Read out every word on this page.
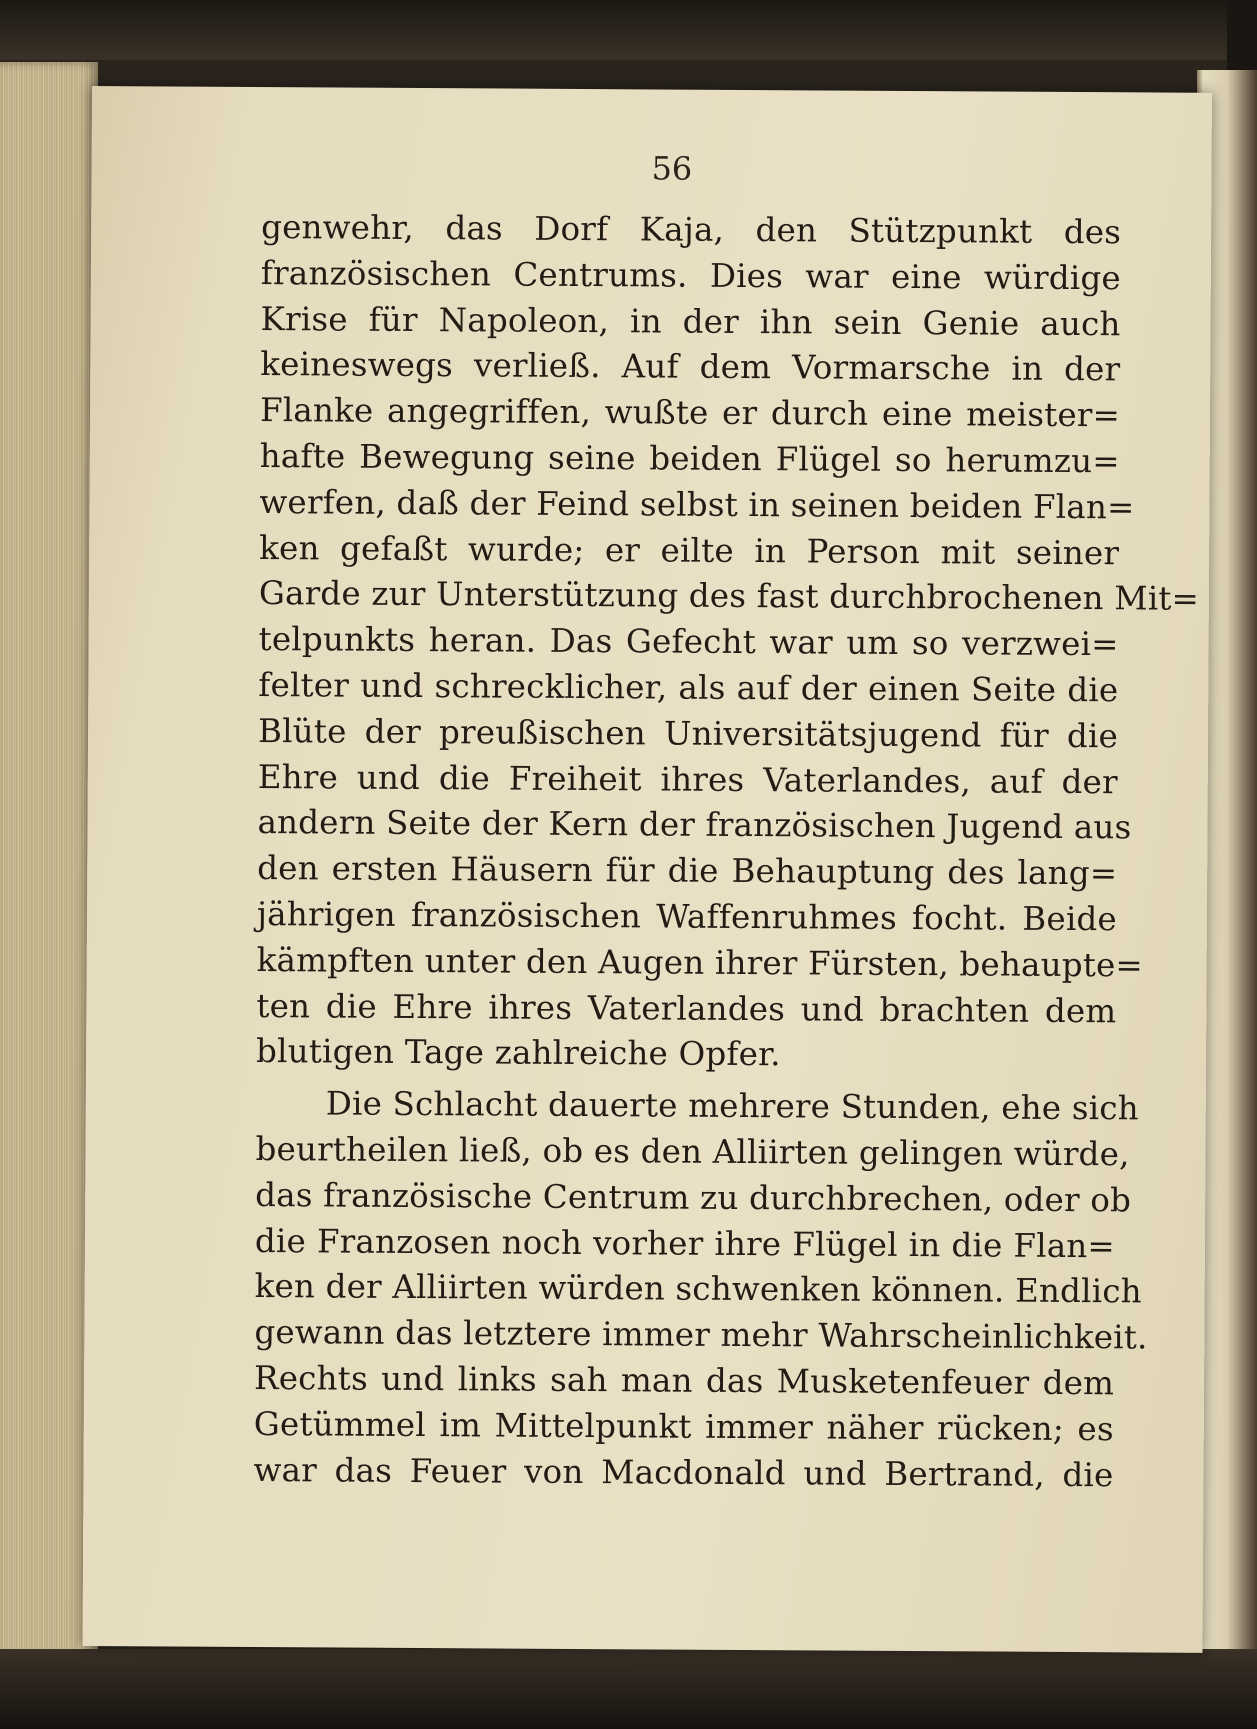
56
genwehr, das Dorf Kaja, den Stützpunkt des
französischen Centrums. Dies war eine würdige
Krise für Napoleon, in der ihn sein Genie auch
keineswegs verließ. Auf dem Vormarsche in der
Flanke angegriffen, wußte er durch eine meister=
hafte Bewegung seine beiden Flügel so herumzu=
werfen, daß der Feind selbst in seinen beiden Flan=
ken gefaßt wurde; er eilte in Person mit seiner
Garde zur Unterstützung des fast durchbrochenen Mit=
telpunkts heran. Das Gefecht war um so verzwei=
felter und schrecklicher, als auf der einen Seite die
Blüte der preußischen Universitätsjugend für die
Ehre und die Freiheit ihres Vaterlandes, auf der
andern Seite der Kern der französischen Jugend aus
den ersten Häusern für die Behauptung des lang=
jährigen französischen Waffenruhmes focht. Beide
kämpften unter den Augen ihrer Fürsten, behaupte=
ten die Ehre ihres Vaterlandes und brachten dem
blutigen Tage zahlreiche Opfer.
Die Schlacht dauerte mehrere Stunden, ehe sich
beurtheilen ließ, ob es den Alliirten gelingen würde,
das französische Centrum zu durchbrechen, oder ob
die Franzosen noch vorher ihre Flügel in die Flan=
ken der Alliirten würden schwenken können. Endlich
gewann das letztere immer mehr Wahrscheinlichkeit.
Rechts und links sah man das Musketenfeuer dem
Getümmel im Mittelpunkt immer näher rücken; es
war das Feuer von Macdonald und Bertrand, die
